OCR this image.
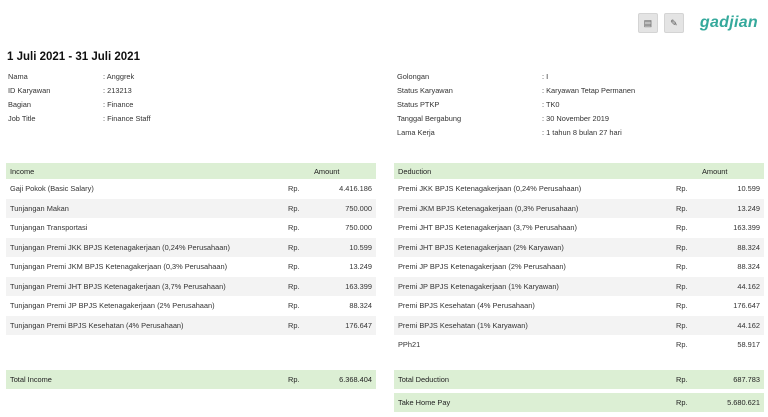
▤	✎	gadjian
1 Juli 2021 - 31 Juli 2021
Nama	: Anggrek
ID Karyawan	: 213213
Bagian	: Finance
Job Title	: Finance Staff
Golongan	: I
Status Karyawan	: Karyawan Tetap Permanen
Status PTKP	: TK0
Tanggal Bergabung	: 30 November 2019
Lama Kerja	: 1 tahun 8 bulan 27 hari
Income	Amount
Gaji Pokok (Basic Salary)	Rp.	4.416.186
Tunjangan Makan	Rp.	750.000
Tunjangan Transportasi	Rp.	750.000
Tunjangan Premi JKK BPJS Ketenagakerjaan (0,24% Perusahaan)	Rp.	10.599
Tunjangan Premi JKM BPJS Ketenagakerjaan (0,3% Perusahaan)	Rp.	13.249
Tunjangan Premi JHT BPJS Ketenagakerjaan (3,7% Perusahaan)	Rp.	163.399
Tunjangan Premi JP BPJS Ketenagakerjaan (2% Perusahaan)	Rp.	88.324
Tunjangan Premi BPJS Kesehatan (4% Perusahaan)	Rp.	176.647
Deduction	Amount
Premi JKK BPJS Ketenagakerjaan (0,24% Perusahaan)	Rp.	10.599
Premi JKM BPJS Ketenagakerjaan (0,3% Perusahaan)	Rp.	13.249
Premi JHT BPJS Ketenagakerjaan (3,7% Perusahaan)	Rp.	163.399
Premi JHT BPJS Ketenagakerjaan (2% Karyawan)	Rp.	88.324
Premi JP BPJS Ketenagakerjaan (2% Perusahaan)	Rp.	88.324
Premi JP BPJS Ketenagakerjaan (1% Karyawan)	Rp.	44.162
Premi BPJS Kesehatan (4% Perusahaan)	Rp.	176.647
Premi BPJS Kesehatan (1% Karyawan)	Rp.	44.162
PPh21	Rp.	58.917
Total Income	Rp.	6.368.404	Total Deduction	Rp.	687.783
Take Home Pay	Rp.	5.680.621
